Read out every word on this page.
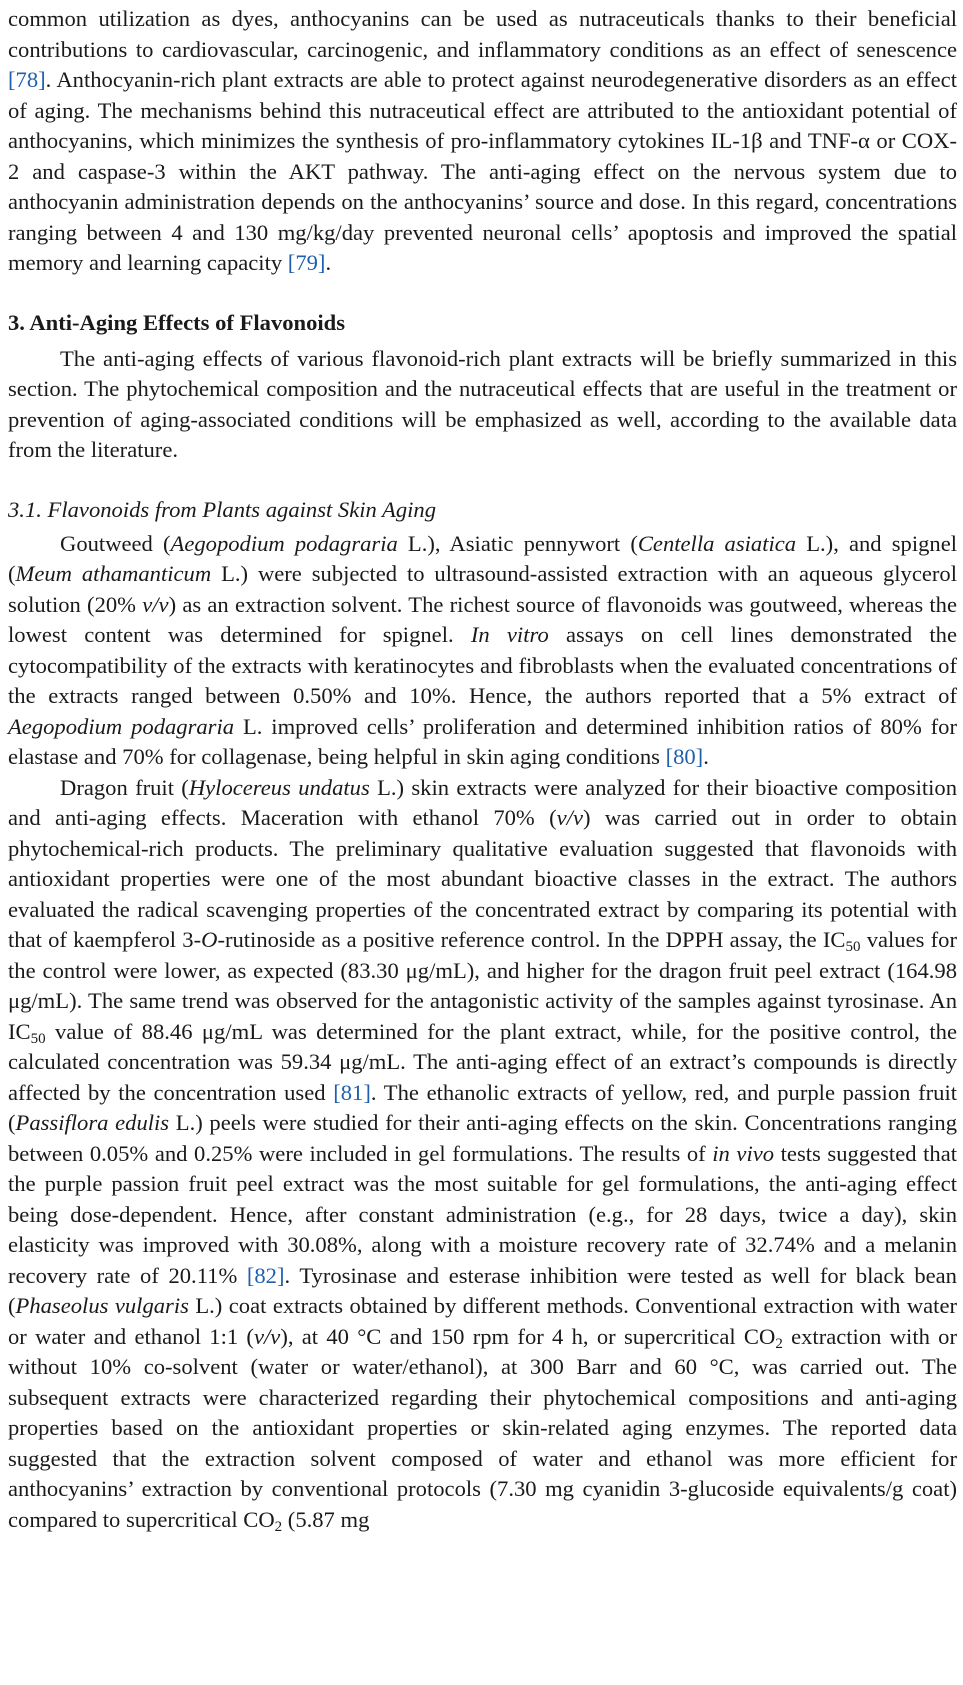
common utilization as dyes, anthocyanins can be used as nutraceuticals thanks to their beneficial contributions to cardiovascular, carcinogenic, and inflammatory conditions as an effect of senescence [78]. Anthocyanin-rich plant extracts are able to protect against neurodegenerative disorders as an effect of aging. The mechanisms behind this nutraceutical effect are attributed to the antioxidant potential of anthocyanins, which minimizes the synthesis of pro-inflammatory cytokines IL-1β and TNF-α or COX-2 and caspase-3 within the AKT pathway. The anti-aging effect on the nervous system due to anthocyanin administration depends on the anthocyanins’ source and dose. In this regard, concentrations ranging between 4 and 130 mg/kg/day prevented neuronal cells’ apoptosis and improved the spatial memory and learning capacity [79].

3. Anti-Aging Effects of Flavonoids

The anti-aging effects of various flavonoid-rich plant extracts will be briefly summarized in this section. The phytochemical composition and the nutraceutical effects that are useful in the treatment or prevention of aging-associated conditions will be emphasized as well, according to the available data from the literature.

3.1. Flavonoids from Plants against Skin Aging

Goutweed (Aegopodium podagraria L.), Asiatic pennywort (Centella asiatica L.), and spignel (Meum athamanticum L.) were subjected to ultrasound-assisted extraction with an aqueous glycerol solution (20% v/v) as an extraction solvent. The richest source of flavonoids was goutweed, whereas the lowest content was determined for spignel. In vitro assays on cell lines demonstrated the cytocompatibility of the extracts with keratinocytes and fibroblasts when the evaluated concentrations of the extracts ranged between 0.50% and 10%. Hence, the authors reported that a 5% extract of Aegopodium podagraria L. improved cells’ proliferation and determined inhibition ratios of 80% for elastase and 70% for collagenase, being helpful in skin aging conditions [80].

Dragon fruit (Hylocereus undatus L.) skin extracts were analyzed for their bioactive composition and anti-aging effects. Maceration with ethanol 70% (v/v) was carried out in order to obtain phytochemical-rich products. The preliminary qualitative evaluation suggested that flavonoids with antioxidant properties were one of the most abundant bioactive classes in the extract. The authors evaluated the radical scavenging properties of the concentrated extract by comparing its potential with that of kaempferol 3-O-rutinoside as a positive reference control. In the DPPH assay, the $IC_{50}$ values for the control were lower, as expected (83.30 μg/mL), and higher for the dragon fruit peel extract (164.98 μg/mL). The same trend was observed for the antagonistic activity of the samples against tyrosinase. An $IC_{50}$ value of 88.46 μg/mL was determined for the plant extract, while, for the positive control, the calculated concentration was 59.34 μg/mL. The anti-aging effect of an extract’s compounds is directly affected by the concentration used [81]. The ethanolic extracts of yellow, red, and purple passion fruit (Passiflora edulis L.) peels were studied for their anti-aging effects on the skin. Concentrations ranging between 0.05% and 0.25% were included in gel formulations. The results of in vivo tests suggested that the purple passion fruit peel extract was the most suitable for gel formulations, the anti-aging effect being dose-dependent. Hence, after constant administration (e.g., for 28 days, twice a day), skin elasticity was improved with 30.08%, along with a moisture recovery rate of 32.74% and a melanin recovery rate of 20.11% [82]. Tyrosinase and esterase inhibition were tested as well for black bean (Phaseolus vulgaris L.) coat extracts obtained by different methods. Conventional extraction with water or water and ethanol 1:1 (v/v), at 40 °C and 150 rpm for 4 h, or supercritical $CO_2$ extraction with or without 10% co-solvent (water or water/ethanol), at 300 Barr and 60 °C, was carried out. The subsequent extracts were characterized regarding their phytochemical compositions and anti-aging properties based on the antioxidant properties or skin-related aging enzymes. The reported data suggested that the extraction solvent composed of water and ethanol was more efficient for anthocyanins’ extraction by conventional protocols (7.30 mg cyanidin 3-glucoside equivalents/g coat) compared to supercritical $CO_2$ (5.87 mg
